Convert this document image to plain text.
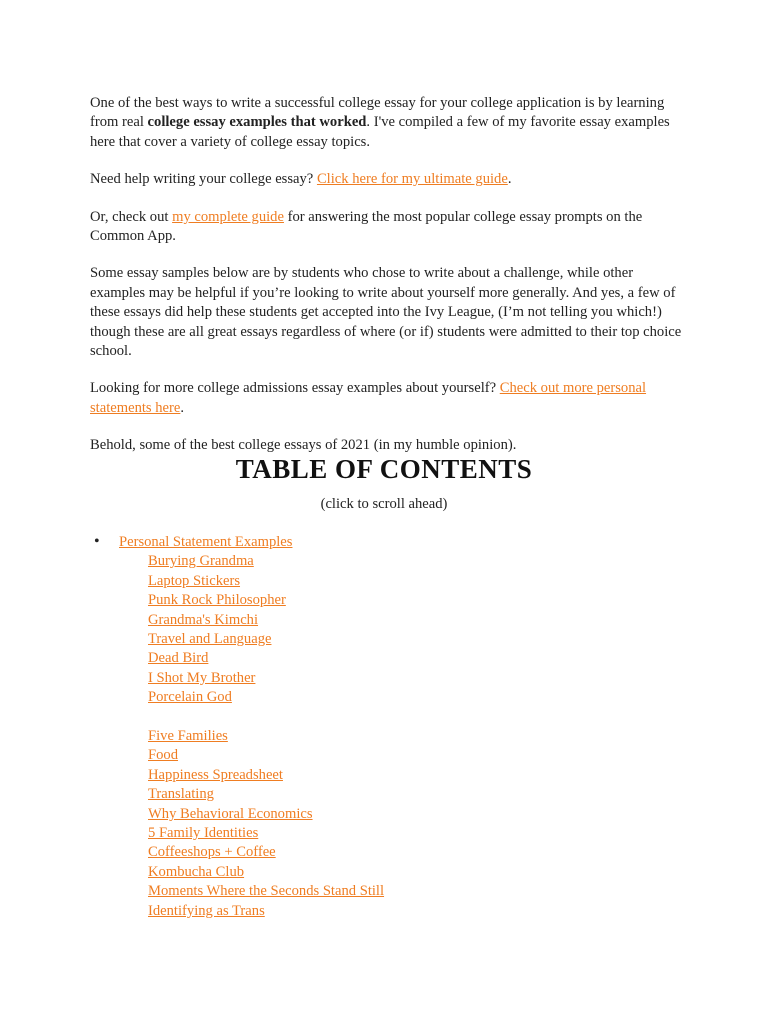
One of the best ways to write a successful college essay for your college application is by learning from real college essay examples that worked. I've compiled a few of my favorite essay examples here that cover a variety of college essay topics.

Need help writing your college essay? Click here for my ultimate guide.

Or, check out my complete guide for answering the most popular college essay prompts on the Common App.

Some essay samples below are by students who chose to write about a challenge, while other examples may be helpful if you’re looking to write about yourself more generally. And yes, a few of these essays did help these students get accepted into the Ivy League, (I’m not telling you which!) though these are all great essays regardless of where (or if) students were admitted to their top choice school.

Looking for more college admissions essay examples about yourself? Check out more personal statements here.

Behold, some of the best college essays of 2021 (in my humble opinion).

TABLE OF CONTENTS
(click to scroll ahead)
• Personal Statement Examples
Burying Grandma
Laptop Stickers
Punk Rock Philosopher
Grandma's Kimchi
Travel and Language
Dead Bird
I Shot My Brother
Porcelain God
Five Families
Food
Happiness Spreadsheet
Translating
Why Behavioral Economics
5 Family Identities
Coffeeshops + Coffee
Kombucha Club
Moments Where the Seconds Stand Still
Identifying as Trans
